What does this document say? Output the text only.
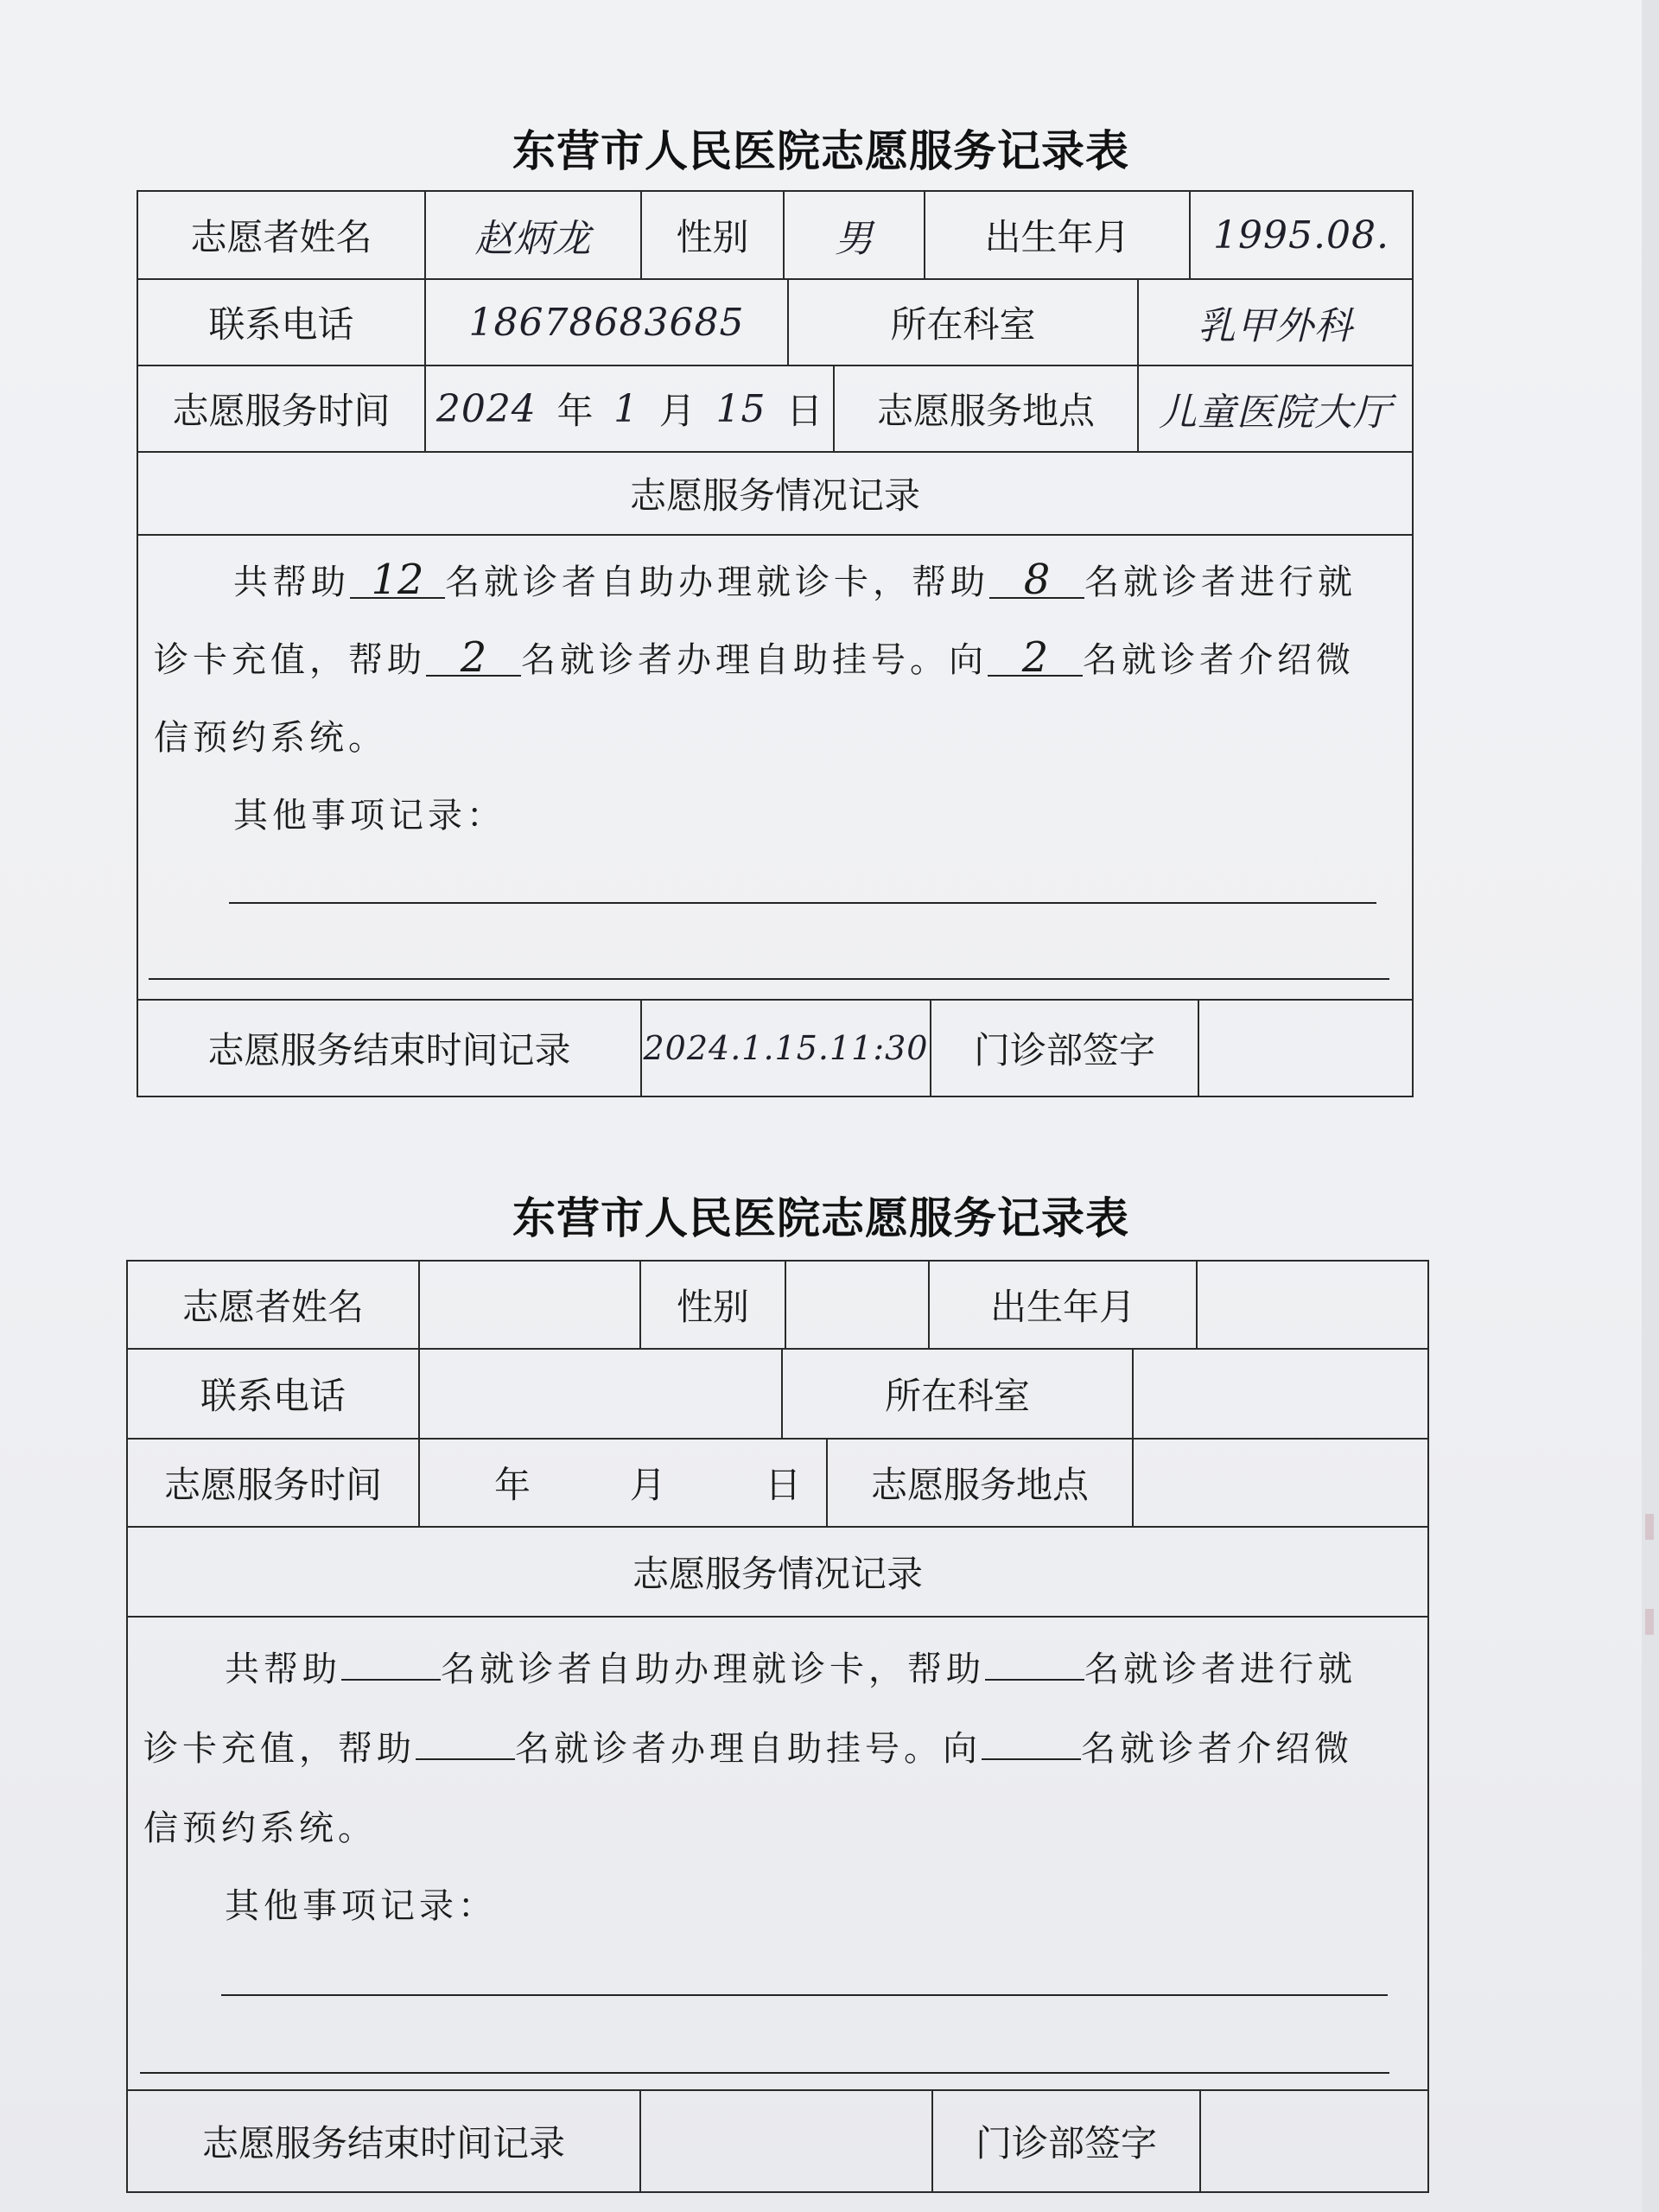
东营市人民医院志愿服务记录表
志愿者姓名	赵炳龙	性别	男	出生年月	1995.08.
联系电话	18678683685	所在科室	乳甲外科
志愿服务时间	2024 年 1 月 15 日	志愿服务地点	儿童医院大厅
志愿服务情况记录
共帮助 12 名就诊者自助办理就诊卡，帮助 8 名就诊者进行就
诊卡充值，帮助 2 名就诊者办理自助挂号。向 2 名就诊者介绍微
信预约系统。
其他事项记录：
志愿服务结束时间记录	2024.1.15.11:30	门诊部签字
东营市人民医院志愿服务记录表
志愿者姓名	性别	出生年月
联系电话	所在科室
志愿服务时间	年	月	日	志愿服务地点
志愿服务情况记录
共帮助	名就诊者自助办理就诊卡，帮助	名就诊者进行就
诊卡充值，帮助	名就诊者办理自助挂号。向	名就诊者介绍微
信预约系统。
其他事项记录：
志愿服务结束时间记录	门诊部签字
